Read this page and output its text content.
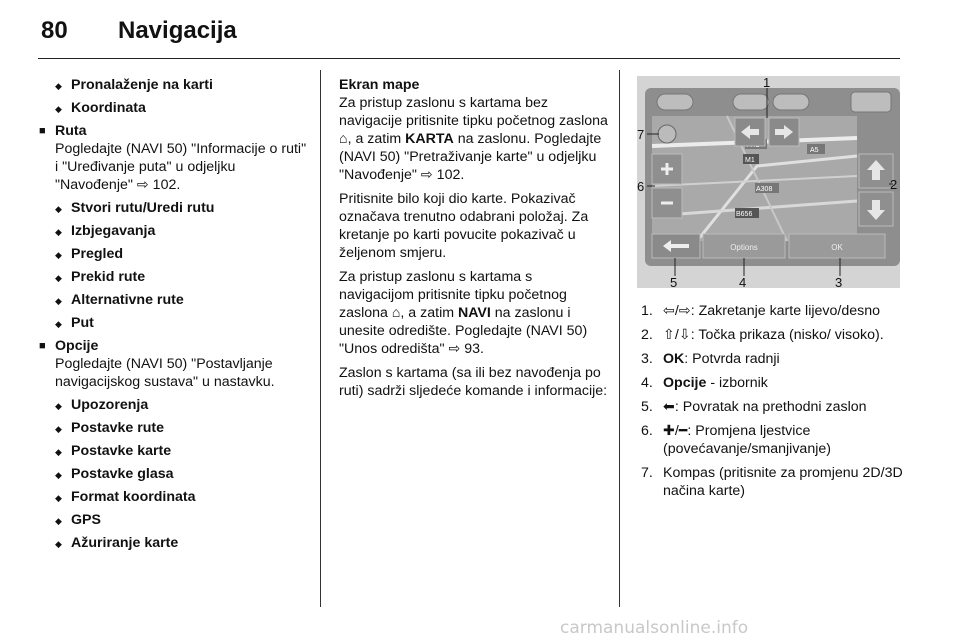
80 Navigacija
◆ Pronalaženje na karti
◆ Koordinata
■ Ruta
Pogledajte (NAVI 50) "Informacije o ruti" i "Uređivanje puta" u odjeljku "Navođenje" ⇨ 102.
◆ Stvori rutu/Uredi rutu
◆ Izbjegavanja
◆ Pregled
◆ Prekid rute
◆ Alternativne rute
◆ Put
■ Opcije
Pogledajte (NAVI 50) "Postavljanje navigacijskog sustava" u nastavku.
◆ Upozorenja
◆ Postavke rute
◆ Postavke karte
◆ Postavke glasa
◆ Format koordinata
◆ GPS
◆ Ažuriranje karte
Ekran mape
Za pristup zaslonu s kartama bez navigacije pritisnite tipku početnog zaslona ⌂, a zatim KARTA na zaslonu. Pogledajte (NAVI 50) "Pretraživanje karte" u odjeljku "Navođenje" ⇨ 102.
Pritisnite bilo koji dio karte. Pokazivač označava trenutno odabrani položaj. Za kretanje po karti povucite pokazivač u željenom smjeru.
Za pristup zaslonu s kartama s navigacijom pritisnite tipku početnog zaslona ⌂, a zatim NAVI na zaslonu i unesite odredište. Pogledajte (NAVI 50) "Unos odredišta" ⇨ 93.
Zaslon s kartama (sa ili bez navođenja po ruti) sadrži sljedeće komande i informacije:
A5
M1
A308
B656
Options	OK
1
2
3
4
5
6
7
1. ⇦/⇨: Zakretanje karte lijevo/desno
2. ⇧/⇩: Točka prikaza (nisko/ visoko).
3. OK: Potvrda radnji
4. Opcije - izbornik
5. ⬅: Povratak na prethodni zaslon
6. ✚/━: Promjena ljestvice (povećavanje/smanjivanje)
7. Kompas (pritisnite za promjenu 2D/3D načina karte)
carmanualsonline.info
